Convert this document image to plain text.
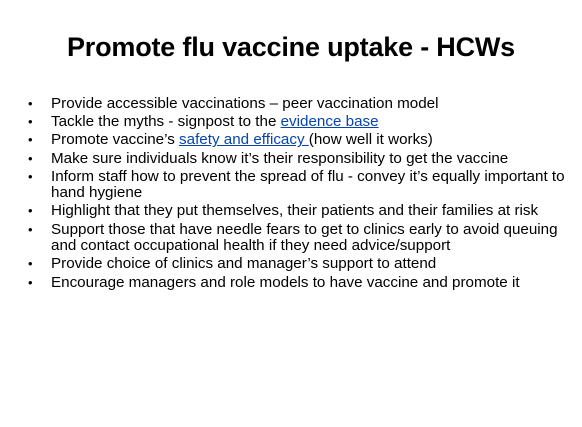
Promote flu vaccine uptake - HCWs
• Provide accessible vaccinations – peer vaccination model
• Tackle the myths - signpost to the evidence base
• Promote vaccine’s safety and efficacy (how well it works)
• Make sure individuals know it’s their responsibility to get the vaccine
• Inform staff how to prevent the spread of flu - convey it’s equally important to hand hygiene
• Highlight that they put themselves, their patients and their families at risk
• Support those that have needle fears to get to clinics early to avoid queuing and contact occupational health if they need advice/support
• Provide choice of clinics and manager’s support to attend
• Encourage managers and role models to have vaccine and promote it
